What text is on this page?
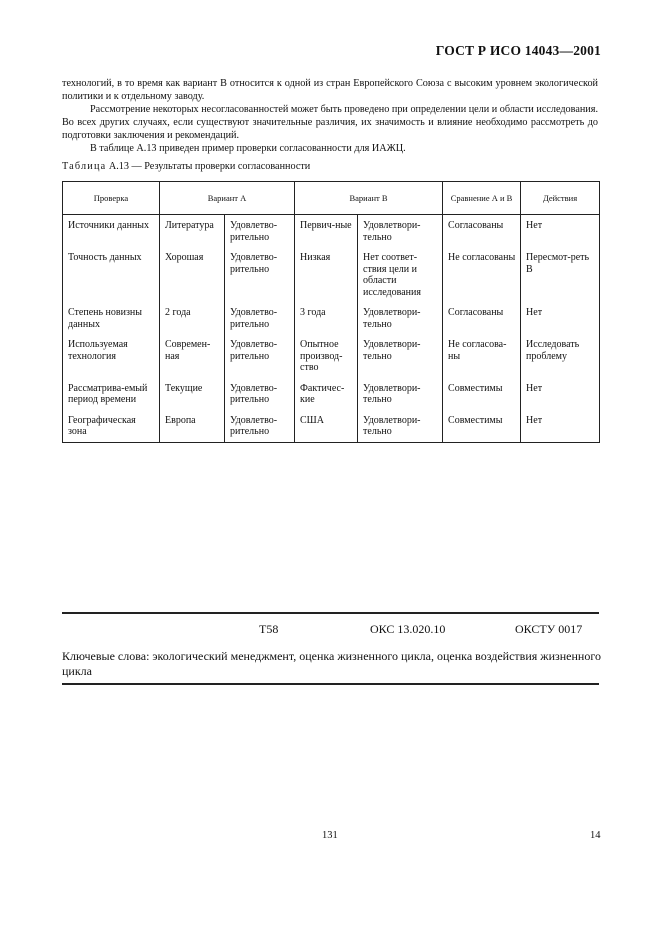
ГОСТ Р ИСО 14043—2001

технологий, в то время как вариант В относится к одной из стран Европейского Союза с высоким уровнем экологической политики и к отдельному заводу.

Рассмотрение некоторых несогласованностей может быть проведено при определении цели и области исследования. Во всех других случаях, если существуют значительные различия, их значимость и влияние необходимо рассмотреть до подготовки заключения и рекомендаций.

В таблице А.13 приведен пример проверки согласованности для ИАЖЦ.

Таблица А.13 — Результаты проверки согласованности
Проверка	Вариант А		Вариант В		Сравнение А и В	Действия
Источники данных	Литература	Удовлетво-рительно	Первич-ные	Удовлетвори-тельно	Согласованы	Нет
Точность данных	Хорошая	Удовлетво-рительно	Низкая	Нет соответ-ствия цели и области исследования	Не согласованы	Пересмот-реть В
Степень новизны данных	2 года	Удовлетво-рительно	3 года	Удовлетвори-тельно	Согласованы	Нет
Используемая технология	Современ-ная	Удовлетво-рительно	Опытное производ-ство	Удовлетвори-тельно	Не согласова-ны	Исследовать проблему
Рассматрива-емый период времени	Текущие	Удовлетво-рительно	Фактичес-кие	Удовлетвори-тельно	Совместимы	Нет
Географическая зона	Европа	Удовлетво-рительно	США	Удовлетвори-тельно	Совместимы	Нет
Т58	ОКС 13.020.10	ОКСТУ 0017
Ключевые слова: экологический менеджмент, оценка жизненного цикла, оценка воздействия жизненного цикла
131	14
